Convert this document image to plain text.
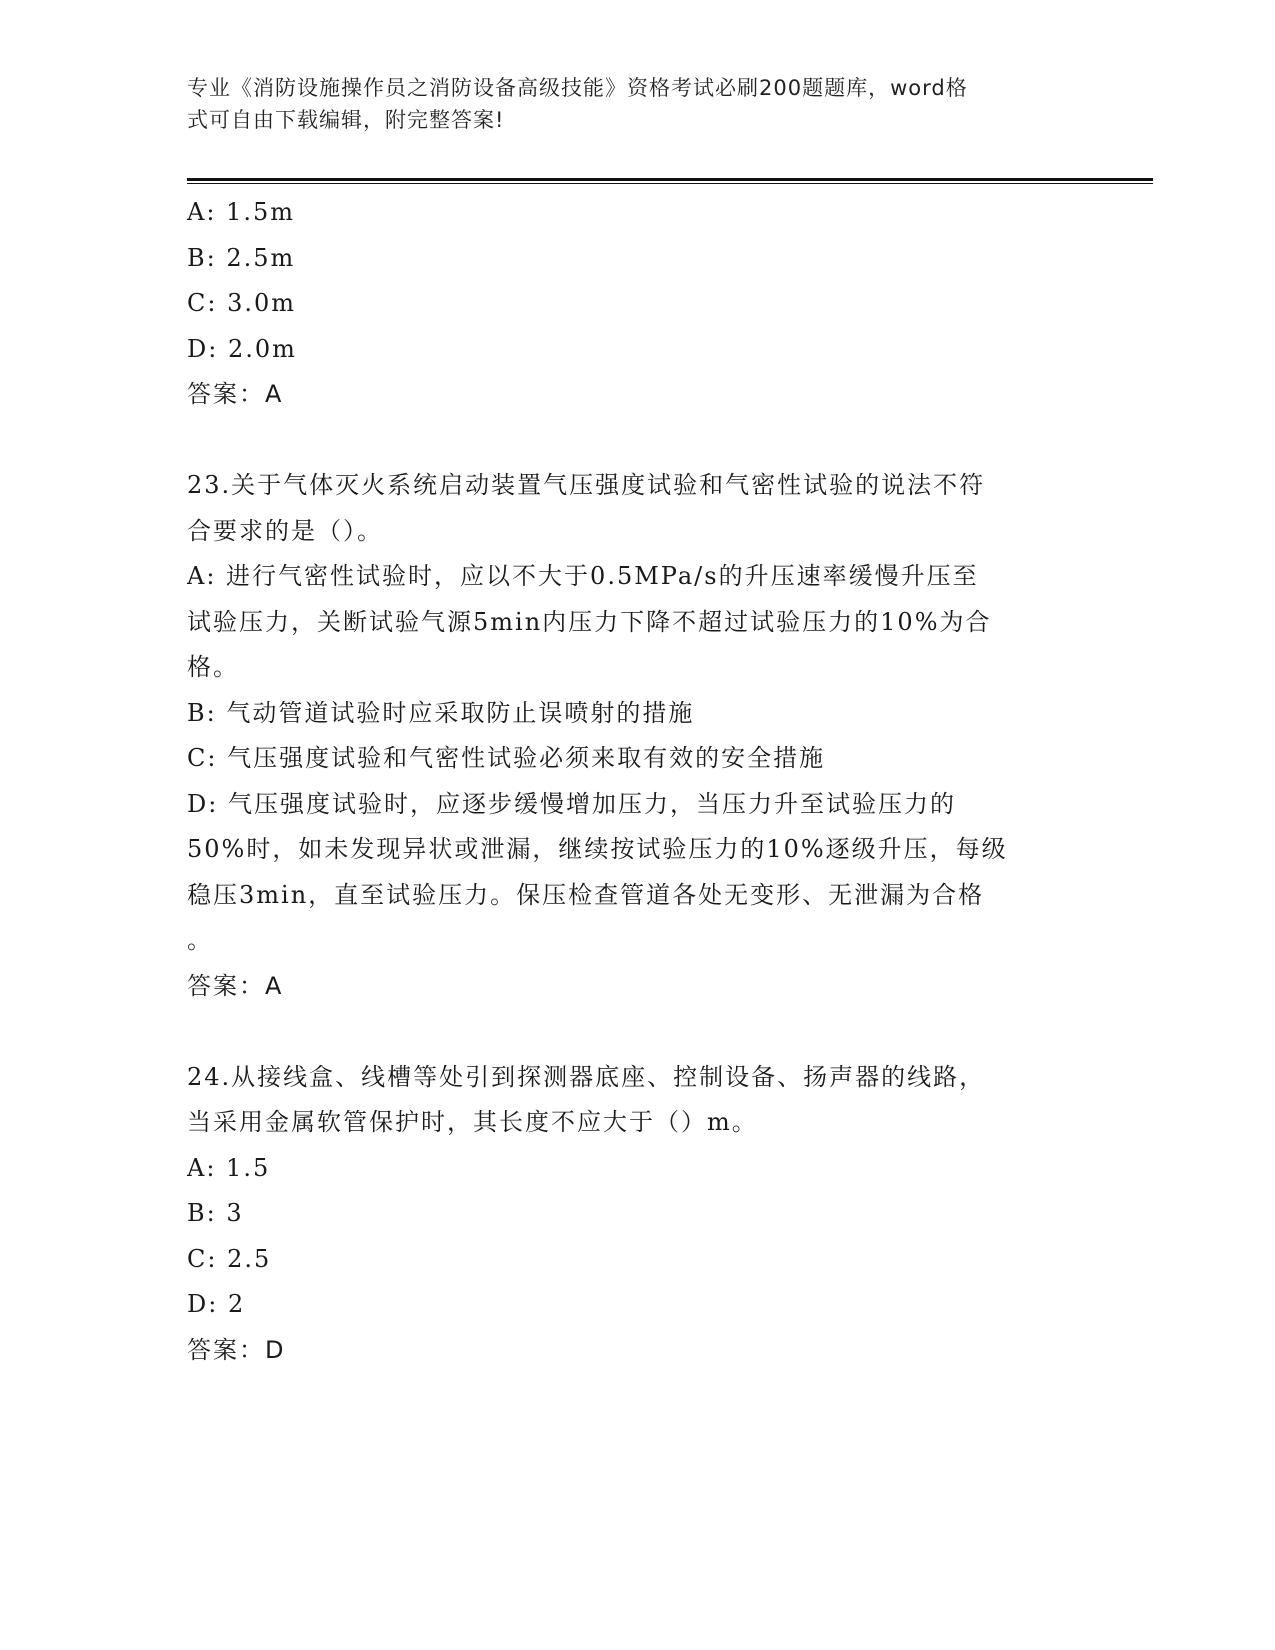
专业《消防设施操作员之消防设备高级技能》资格考试必刷200题题库，word格
式可自由下载编辑，附完整答案!
A: 1.5m
B: 2.5m
C: 3.0m
D: 2.0m
答案：A
23.关于气体灭火系统启动装置气压强度试验和气密性试验的说法不符
合要求的是（）。
A: 进行气密性试验时，应以不大于0.5MPa/s的升压速率缓慢升压至
试验压力，关断试验气源5min内压力下降不超过试验压力的10%为合
格。
B: 气动管道试验时应采取防止误喷射的措施
C: 气压强度试验和气密性试验必须来取有效的安全措施
D: 气压强度试验时，应逐步缓慢增加压力，当压力升至试验压力的
50%时，如未发现异状或泄漏，继续按试验压力的10%逐级升压，每级
稳压3min，直至试验压力。保压检查管道各处无变形、无泄漏为合格
。
答案：A
24.从接线盒、线槽等处引到探测器底座、控制设备、扬声器的线路，
当采用金属软管保护时，其长度不应大于（）m。
A: 1.5
B: 3
C: 2.5
D: 2
答案：D
